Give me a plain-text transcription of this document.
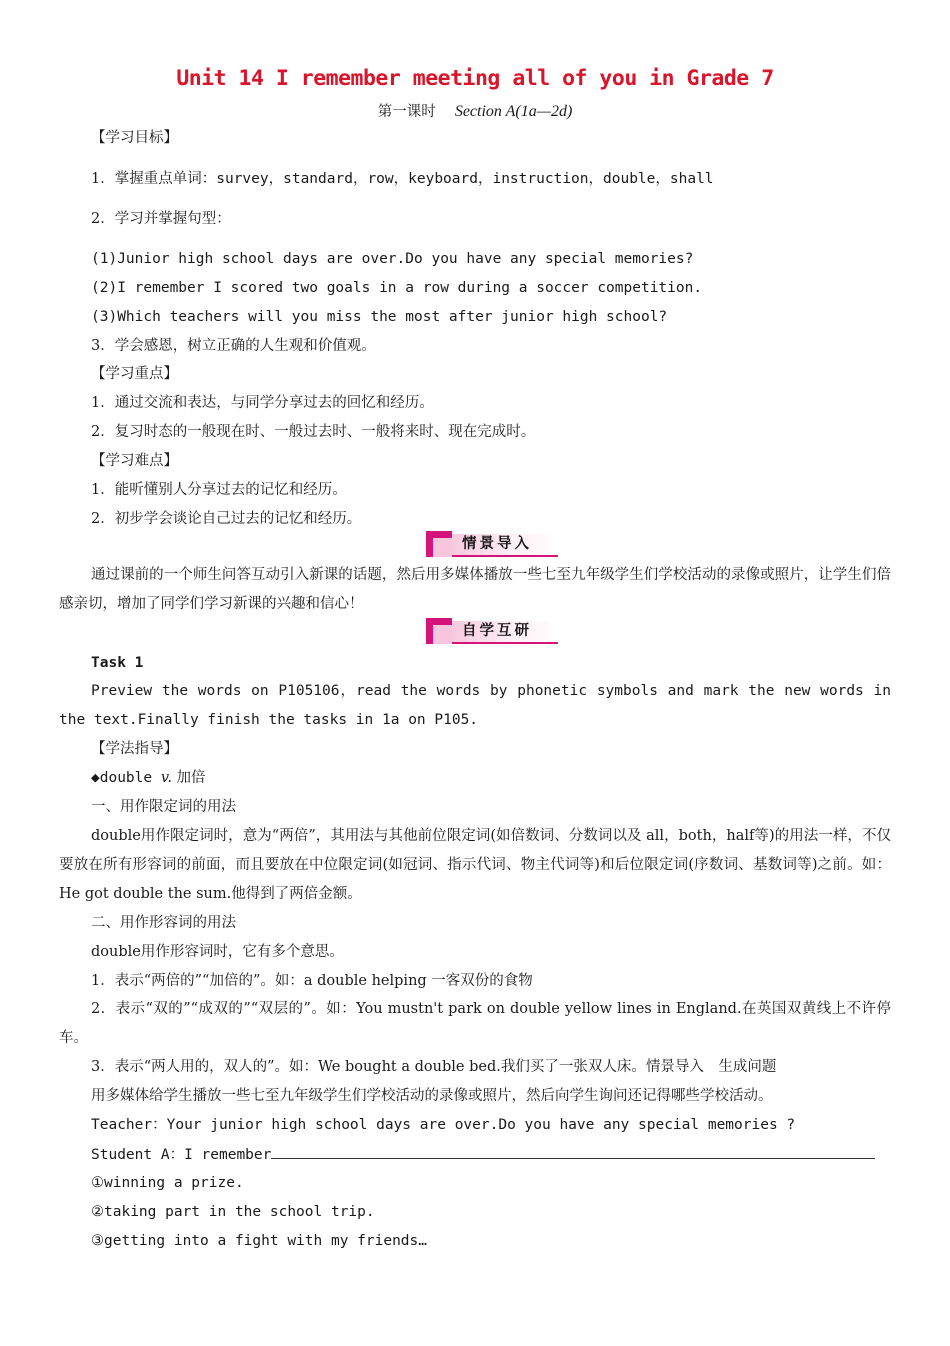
Unit 14 I remember meeting all of you in Grade 7
第一课时　 Section A(1a—2d)
【学习目标】
1．掌握重点单词：survey，standard，row，keyboard，instruction，double，shall
2．学习并掌握句型：
(1)Junior high school days are over.Do you have any special memories?
(2)I remember I scored two goals in a row during a soccer competition.
(3)Which teachers will you miss the most after junior high school?
3．学会感恩，树立正确的人生观和价值观。
【学习重点】
1．通过交流和表达，与同学分享过去的回忆和经历。
2．复习时态的一般现在时、一般过去时、一般将来时、现在完成时。
【学习难点】
1．能听懂别人分享过去的记忆和经历。
2．初步学会谈论自己过去的记忆和经历。
情景导入
通过课前的一个师生问答互动引入新课的话题，然后用多媒体播放一些七至九年级学生们学校活动的录像或照片，让学生们倍感亲切，增加了同学们学习新课的兴趣和信心！
自学互研
Task 1
Preview the words on P105106，read the words by phonetic symbols and mark the new words in the text.Finally finish the tasks in 1a on P105.
【学法指导】
◆double v. 加倍
一、用作限定词的用法
double用作限定词时，意为“两倍”，其用法与其他前位限定词(如倍数词、分数词以及 all，both，half等)的用法一样，不仅要放在所有形容词的前面，而且要放在中位限定词(如冠词、指示代词、物主代词等)和后位限定词(序数词、基数词等)之前。如：He got double the sum.他得到了两倍金额。
二、用作形容词的用法
double用作形容词时，它有多个意思。
1．表示“两倍的”“加倍的”。如：a double helping 一客双份的食物
2．表示“双的”“成双的”“双层的”。如：You mustn't park on double yellow lines in England.在英国双黄线上不许停车。
3．表示“两人用的，双人的”。如：We bought a double bed.我们买了一张双人床。情景导入　生成问题
用多媒体给学生播放一些七至九年级学生们学校活动的录像或照片，然后向学生询问还记得哪些学校活动。
Teacher：Your junior high school days are over.Do you have any special memories ?
Student A：I remember
①winning a prize.
②taking part in the school trip.
③getting into a fight with my friends…
